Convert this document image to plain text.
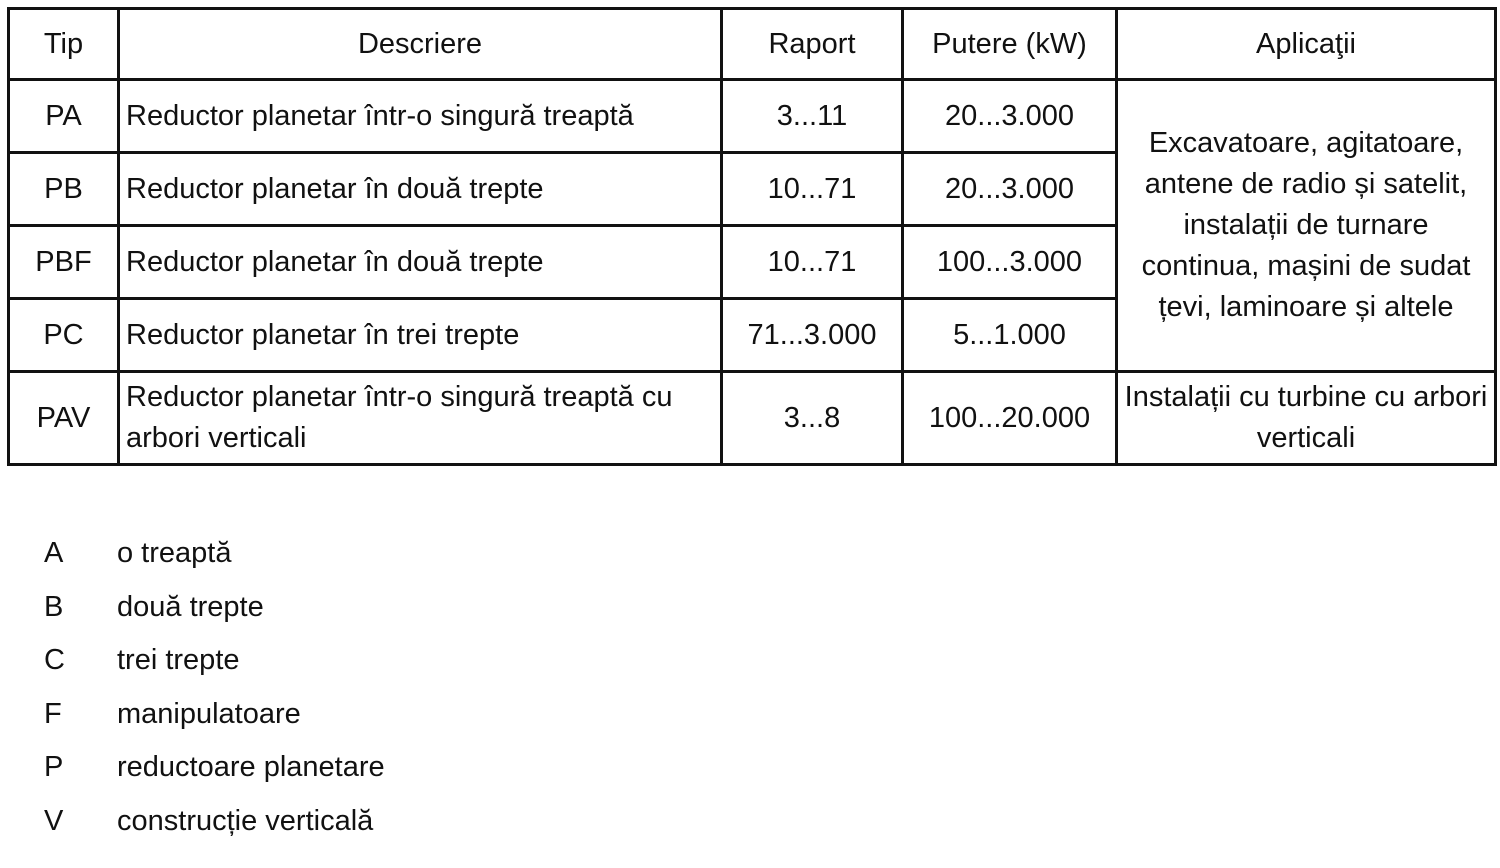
Tip	Descriere	Raport	Putere (kW)	Aplicaţii
PA	Reductor planetar într-o singură treaptă	3...11	20...3.000	Excavatoare, agitatoare, antene de radio și satelit, instalații de turnare continua, mașini de sudat țevi, laminoare și altele
PB	Reductor planetar în două trepte	10...71	20...3.000	
PBF	Reductor planetar în două trepte	10...71	100...3.000	
PC	Reductor planetar în trei trepte	71...3.000	5...1.000	
PAV	Reductor planetar într-o singură treaptă cu arbori verticali	3...8	100...20.000	Instalații cu turbine cu arbori verticali
A o treaptă
B două trepte
C trei trepte
F manipulatoare
P reductoare planetare
V construcție verticală
